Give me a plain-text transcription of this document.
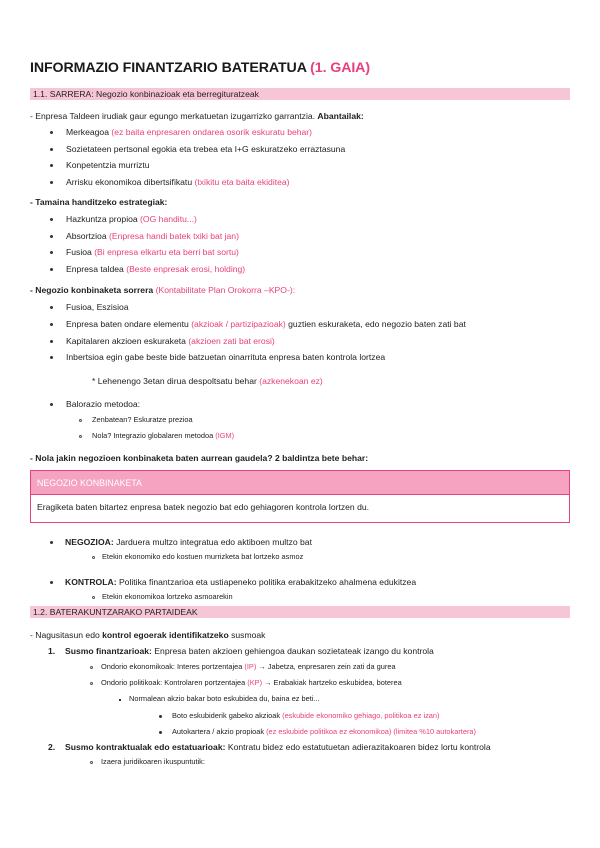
INFORMAZIO FINANTZARIO BATERATUA (1. GAIA)
1.1. SARRERA: Negozio konbinazioak eta berregituratzeak
- Enpresa Taldeen irudiak gaur egungo merkatuetan izugarrizko garrantzia. Abantailak:
Merkeagoa (ez baita enpresaren ondarea osorik eskuratu behar)
Sozietateen pertsonal egokia eta trebea eta I+G eskuratzeko erraztasuna
Konpetentzia murriztu
Arrisku ekonomikoa dibertsifikatu (txikitu eta baita ekiditea)
- Tamaina handitzeko estrategiak:
Hazkuntza propioa (OG handitu...)
Absortzioa (Enpresa handi batek txiki bat jan)
Fusioa (Bi enpresa elkartu eta berri bat sortu)
Enpresa taldea (Beste enpresak erosi, holding)
- Negozio konbinaketa sorrera (Kontabilitate Plan Orokorra –KPO-):
Fusioa, Eszisioa
Enpresa baten ondare elementu (akzioak / partizipazioak) guztien eskuraketa, edo negozio baten zati bat
Kapitalaren akzioen eskuraketa (akzioen zati bat erosi)
Inbertsioa egin gabe beste bide batzuetan oinarrituta enpresa baten kontrola lortzea
* Lehenengo 3etan dirua despoltsatu behar (azkenekoan ez)
Balorazio metodoa:
Zenbatean? Eskuratze prezioa
Nola? Integrazio globalaren metodoa (IGM)
- Nola jakin negozioen konbinaketa baten aurrean gaudela? 2 baldintza bete behar:
NEGOZIO KONBINAKETA
Eragiketa baten bitartez enpresa batek negozio bat edo gehiagoren kontrola lortzen du.
NEGOZIOA: Jarduera multzo integratua edo aktiboen multzo bat
Etekin ekonomiko edo kostuen murrizketa bat lortzeko asmoz
KONTROLA: Politika finantzarioa eta ustiapeneko politika erabakitzeko ahalmena edukitzea
Etekin ekonomikoa lortzeko asmoarekin
1.2. BATERAKUNTZARAKO PARTAIDEAK
- Nagusitasun edo kontrol egoerak identifikatzeko susmoak
1. Susmo finantzarioak: Enpresa baten akzioen gehiengoa daukan sozietateak izango du kontrola
Ondorio ekonomikoak: Interes portzentajea (IP) → Jabetza, enpresaren zein zati da gurea
Ondorio politikoak: Kontrolaren portzentajea (KP) → Erabakiak hartzeko eskubidea, boterea
Normalean akzio bakar boto eskubidea du, baina ez beti...
Boto eskubiderik gabeko akzioak (eskubide ekonomiko gehiago, politikoa ez izan)
Autokartera / akzio propioak (ez eskubide politikoa ez ekonomikoa) (limitea %10 autokartera)
2. Susmo kontraktualak edo estatuarioak: Kontratu bidez edo estatutuetan adierazitakoaren bidez lortu kontrola
Izaera juridikoaren ikuspuntutik:
